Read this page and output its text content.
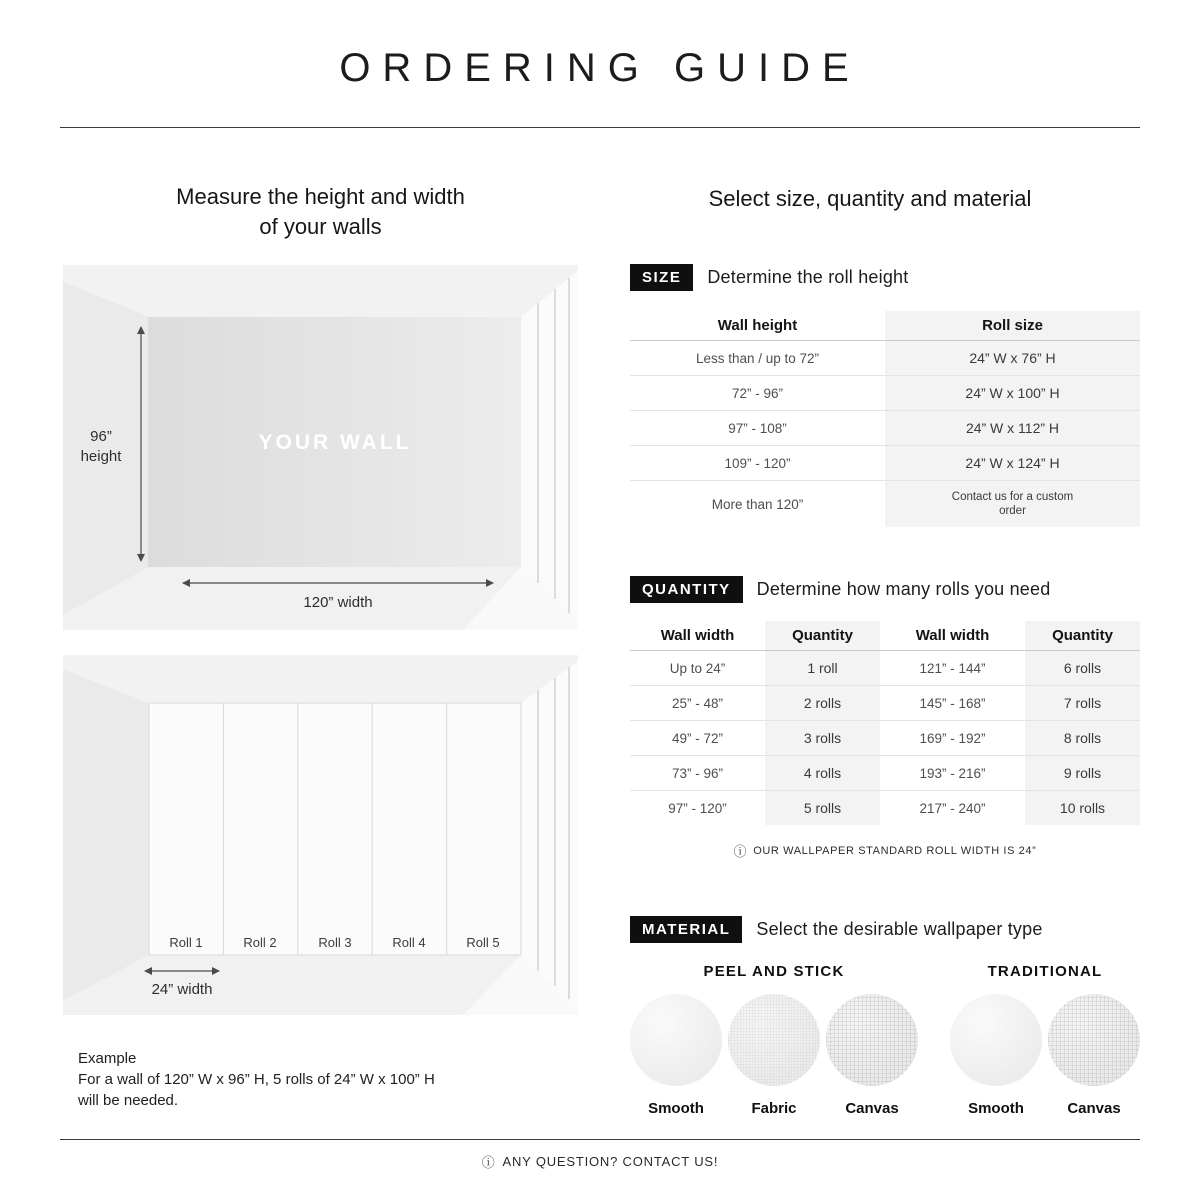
ORDERING GUIDE
Measure the height and width
of your walls
YOUR WALL
96”
height
120” width
Roll 1	Roll 2	Roll 3	Roll 4	Roll 5
24” width
Example
For a wall of 120” W x 96” H, 5 rolls of 24” W x 100” H
will be needed.
Select size, quantity and material
SIZE	Determine the roll height
Wall height	Roll size
Less than / up to 72”	24” W x 76” H
72” - 96”	24” W x 100” H
97” - 108”	24” W x 112” H
109” - 120”	24” W x 124” H
More than 120”	Contact us for a custom order
QUANTITY	Determine how many rolls you need
Wall width	Quantity	Wall width	Quantity
Up to 24”	1 roll	121” - 144”	6 rolls
25” - 48”	2 rolls	145” - 168”	7 rolls
49” - 72”	3 rolls	169” - 192”	8 rolls
73” - 96”	4 rolls	193” - 216”	9 rolls
97” - 120”	5 rolls	217” - 240”	10 rolls
ⓘ OUR WALLPAPER STANDARD ROLL WIDTH IS 24”
MATERIAL	Select the desirable wallpaper type
PEEL AND STICK
Smooth	Fabric	Canvas
TRADITIONAL
Smooth	Canvas
ⓘ ANY QUESTION? CONTACT US!
